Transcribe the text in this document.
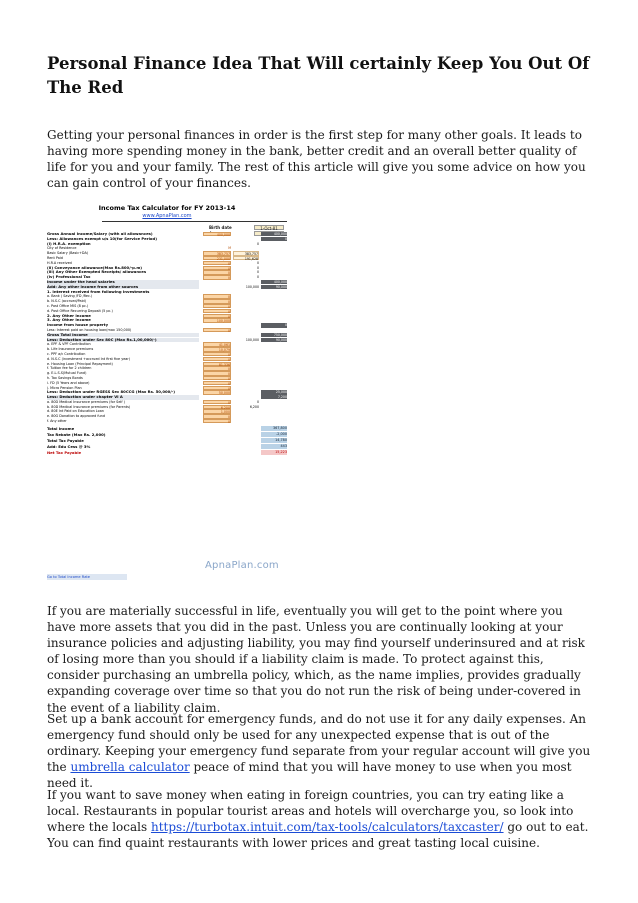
Personal Finance Idea That Will certainly Keep You Out Of The Red

Getting your personal finances in order is the first step for many other goals. It leads to having more spending money in the bank, better credit and an overall better quality of life for you and your family. The rest of this article will give you some advice on how you can gain control of your finances.

Income Tax Calculator for FY 2013-14
www.ApnaPlan.com
Birth date	1-Oct-81
Gross Annual Income/Salary (with all allowances)	400,000	400,000
Less: Allowances exempt u/s 10(for Service Period)	0
(i) H.R.A. exemption	0
City of Residence	M
Basic Salary (Basic+DA)	383,757	383,757
Rent Paid	231,000	191,628
H.R.A received	0	0
(ii) Conveyance allowance(Max Rs.800/-p.m)	0	0
(iii) Any Other Exempted Receipts/ allowances	0	0
(iv) Professional Tax	0	0
Income under the head salaries	400,000
Add: Any other income from other sources	100,000	90,000
1. Interest received from following Investments
a. Bank ( Saving /FD /Rec.)	0
b. N.S.C (accrued/Paid)	0
c. Post Office MIS (8 pc.)	0
d. Post Office Recurring Deposit (5 pc.)	0
2. Any Other Income	0
3. Any Other Income	100,000
Income from house property	0
Less: Interest paid on housing loan(max 150,000)	0
Gross Total Income	750,000
Less: Deduction under Sec 80C (Max Rs.1,00,000/-)	100,000	90,000
a. EPF & VPF Contribution	41,061
b. Life Insurance premiums	10,079
c. PPF a/c Contribution	0
d. N.S.C (investment +accrued Int first five year)	0
e. Housing Loan (Principal Repayment)	81,336
f. Tuition fee for 2 children	0
g. E.L.S.S(Mutual Fund)	0
h. Tax Savings Bonds	0
i. FD (5 Years and above)	0
j. Micro Pension Plan	0
Less: Deduction under RGESS Sec 80CCG (Max Rs. 50,000/-)	50,000	25,000
Less: Deduction under chapter VI A	7,200
a. 80D Medical Insurance premiums (for Self )	0	0
b. 80D Medical Insurance premiums (for Parents)	6,200	6,200
d. 80E Int Paid on Education Loan	1,000
e. 80G Donation to approved fund	0
f. Any other	0
Total Income	367,800
Tax Rebate (Max Rs. 2,000)	-2,000
Total Tax Payable	14,780
Add: Edu Cess @ 3%	443
Net Tax Payable	15,223
ApnaPlan.com
Go to Total Income Rate

If you are materially successful in life, eventually you will get to the point where you have more assets that you did in the past. Unless you are continually looking at your insurance policies and adjusting liability, you may find yourself underinsured and at risk of losing more than you should if a liability claim is made. To protect against this, consider purchasing an umbrella policy, which, as the name implies, provides gradually expanding coverage over time so that you do not run the risk of being under-covered in the event of a liability claim.

Set up a bank account for emergency funds, and do not use it for any daily expenses. An emergency fund should only be used for any unexpected expense that is out of the ordinary. Keeping your emergency fund separate from your regular account will give you the umbrella calculator peace of mind that you will have money to use when you most need it.

If you want to save money when eating in foreign countries, you can try eating like a local. Restaurants in popular tourist areas and hotels will overcharge you, so look into where the locals https://turbotax.intuit.com/tax-tools/calculators/taxcaster/ go out to eat. You can find quaint restaurants with lower prices and great tasting local cuisine.
